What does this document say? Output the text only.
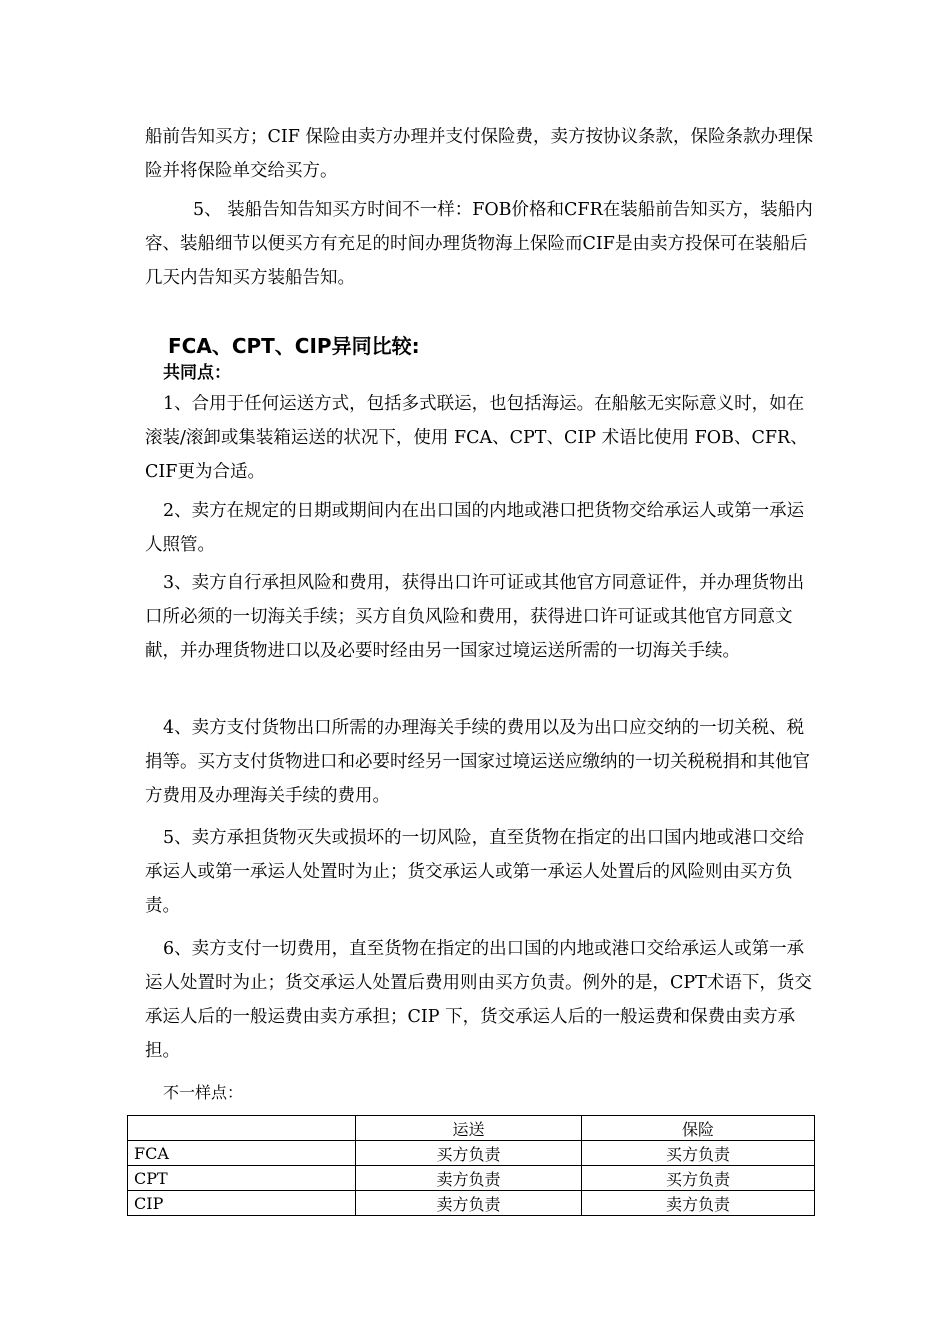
船前告知买方；CIF 保险由卖方办理并支付保险费，卖方按协议条款，保险条款办理保险并将保险单交给买方。

5、 装船告知告知买方时间不一样：FOB价格和CFR在装船前告知买方，装船内容、装船细节以便买方有充足的时间办理货物海上保险而CIF是由卖方投保可在装船后几天内告知买方装船告知。

FCA、CPT、CIP异同比较:
共同点：

1、合用于任何运送方式，包括多式联运，也包括海运。在船舷无实际意义时，如在滚装/滚卸或集装箱运送的状况下，使用 FCA、CPT、CIP 术语比使用 FOB、CFR、CIF更为合适。

2、卖方在规定的日期或期间内在出口国的内地或港口把货物交给承运人或第一承运人照管。

3、卖方自行承担风险和费用，获得出口许可证或其他官方同意证件，并办理货物出口所必须的一切海关手续；买方自负风险和费用，获得进口许可证或其他官方同意文献，并办理货物进口以及必要时经由另一国家过境运送所需的一切海关手续。

4、卖方支付货物出口所需的办理海关手续的费用以及为出口应交纳的一切关税、税捐等。买方支付货物进口和必要时经另一国家过境运送应缴纳的一切关税税捐和其他官方费用及办理海关手续的费用。

5、卖方承担货物灭失或损坏的一切风险，直至货物在指定的出口国内地或港口交给承运人或第一承运人处置时为止；货交承运人或第一承运人处置后的风险则由买方负责。

6、卖方支付一切费用，直至货物在指定的出口国的内地或港口交给承运人或第一承运人处置时为止；货交承运人处置后费用则由买方负责。例外的是，CPT术语下，货交承运人后的一般运费由卖方承担；CIP 下，货交承运人后的一般运费和保费由卖方承担。

不一样点：

	运送	保险
FCA	买方负责	买方负责
CPT	卖方负责	买方负责
CIP	卖方负责	卖方负责
